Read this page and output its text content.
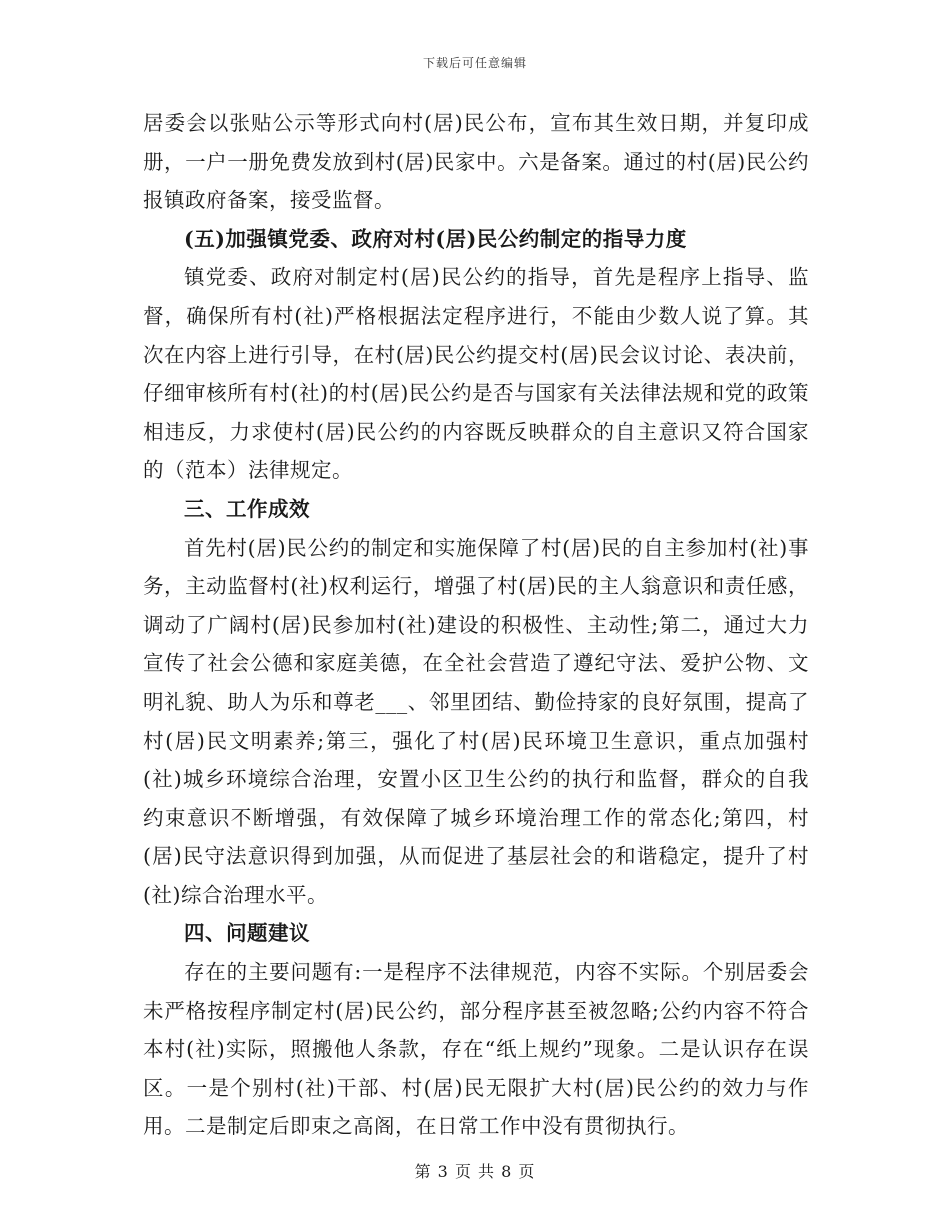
下载后可任意编辑

居委会以张贴公示等形式向村(居)民公布，宣布其生效日期，并复印成册，一户一册免费发放到村(居)民家中。六是备案。通过的村(居)民公约报镇政府备案，接受监督。

(五)加强镇党委、政府对村(居)民公约制定的指导力度

镇党委、政府对制定村(居)民公约的指导，首先是程序上指导、监督，确保所有村(社)严格根据法定程序进行，不能由少数人说了算。其次在内容上进行引导，在村(居)民公约提交村(居)民会议讨论、表决前，仔细审核所有村(社)的村(居)民公约是否与国家有关法律法规和党的政策相违反，力求使村(居)民公约的内容既反映群众的自主意识又符合国家的（范本）法律规定。

三、工作成效

首先村(居)民公约的制定和实施保障了村(居)民的自主参加村(社)事务，主动监督村(社)权利运行，增强了村(居)民的主人翁意识和责任感，调动了广阔村(居)民参加村(社)建设的积极性、主动性;第二，通过大力宣传了社会公德和家庭美德，在全社会营造了遵纪守法、爱护公物、文明礼貌、助人为乐和尊老___、邻里团结、勤俭持家的良好氛围，提高了村(居)民文明素养;第三，强化了村(居)民环境卫生意识，重点加强村(社)城乡环境综合治理，安置小区卫生公约的执行和监督，群众的自我约束意识不断增强，有效保障了城乡环境治理工作的常态化;第四，村(居)民守法意识得到加强，从而促进了基层社会的和谐稳定，提升了村(社)综合治理水平。

四、问题建议

存在的主要问题有:一是程序不法律规范，内容不实际。个别居委会未严格按程序制定村(居)民公约，部分程序甚至被忽略;公约内容不符合本村(社)实际，照搬他人条款，存在“纸上规约”现象。二是认识存在误区。一是个别村(社)干部、村(居)民无限扩大村(居)民公约的效力与作用。二是制定后即束之高阁，在日常工作中没有贯彻执行。

第 3 页 共 8 页
